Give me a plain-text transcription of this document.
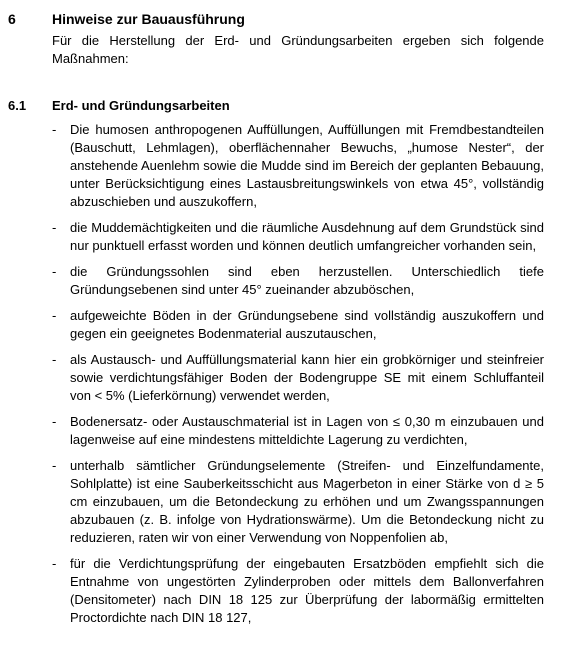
6	Hinweise zur Bauausführung

Für die Herstellung der Erd- und Gründungsarbeiten ergeben sich folgende Maßnahmen:

6.1	Erd- und Gründungsarbeiten
-	Die humosen anthropogenen Auffüllungen, Auffüllungen mit Fremdbestandteilen (Bauschutt, Lehmlagen), oberflächennaher Bewuchs, „humose Nester“, der anstehende Auenlehm sowie die Mudde sind im Bereich der geplanten Bebauung, unter Berücksichtigung eines Lastausbreitungswinkels von etwa 45°, vollständig abzuschieben und auszukoffern,
-	die Muddemächtigkeiten und die räumliche Ausdehnung auf dem Grundstück sind nur punktuell erfasst worden und können deutlich umfangreicher vorhanden sein,
-	die Gründungssohlen sind eben herzustellen. Unterschiedlich tiefe Gründungsebenen sind unter 45° zueinander abzuböschen,
-	aufgeweichte Böden in der Gründungsebene sind vollständig auszukoffern und gegen ein geeignetes Bodenmaterial auszutauschen,
-	als Austausch- und Auffüllungsmaterial kann hier ein grobkörniger und steinfreier sowie verdichtungsfähiger Boden der Bodengruppe SE mit einem Schluffanteil von < 5% (Lieferkörnung) verwendet werden,
-	Bodenersatz- oder Austauschmaterial ist in Lagen von ≤ 0,30 m einzubauen und lagenweise auf eine mindestens mitteldichte Lagerung zu verdichten,
-	unterhalb sämtlicher Gründungselemente (Streifen- und Einzelfundamente, Sohlplatte) ist eine Sauberkeitsschicht aus Magerbeton in einer Stärke von d ≥ 5 cm einzubauen, um die Betondeckung zu erhöhen und um Zwangsspannungen abzubauen (z. B. infolge von Hydrationswärme). Um die Betondeckung nicht zu reduzieren, raten wir von einer Verwendung von Noppenfolien ab,
-	für die Verdichtungsprüfung der eingebauten Ersatzböden empfiehlt sich die Entnahme von ungestörten Zylinderproben oder mittels dem Ballonverfahren (Densitometer) nach DIN 18 125 zur Überprüfung der labormäßig ermittelten Proctordichte nach DIN 18 127,
